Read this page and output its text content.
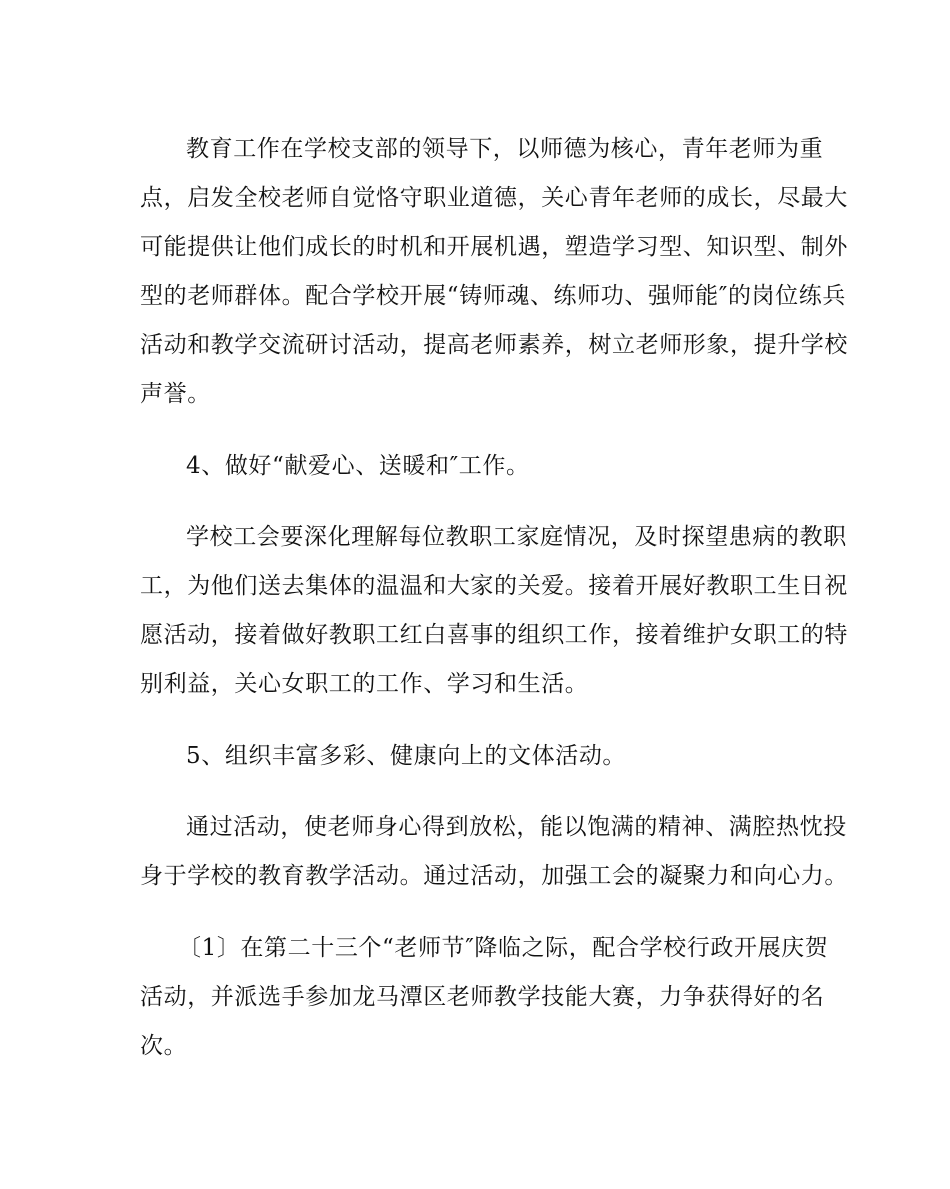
教育工作在学校支部的领导下，以师德为核心，青年老师为重
点，启发全校老师自觉恪守职业道德，关心青年老师的成长，尽最大
可能提供让他们成长的时机和开展机遇，塑造学习型、知识型、制外
型的老师群体。配合学校开展“铸师魂、练师功、强师能″的岗位练兵
活动和教学交流研讨活动，提高老师素养，树立老师形象，提升学校
声誉。
4、做好“献爱心、送暖和″工作。
学校工会要深化理解每位教职工家庭情况，及时探望患病的教职
工，为他们送去集体的温温和大家的关爱。接着开展好教职工生日祝
愿活动，接着做好教职工红白喜事的组织工作，接着维护女职工的特
别利益，关心女职工的工作、学习和生活。
5、组织丰富多彩、健康向上的文体活动。
通过活动，使老师身心得到放松，能以饱满的精神、满腔热忱投
身于学校的教育教学活动。通过活动，加强工会的凝聚力和向心力。
〔1〕在第二十三个“老师节″降临之际，配合学校行政开展庆贺
活动，并派选手参加龙马潭区老师教学技能大赛，力争获得好的名
次。
